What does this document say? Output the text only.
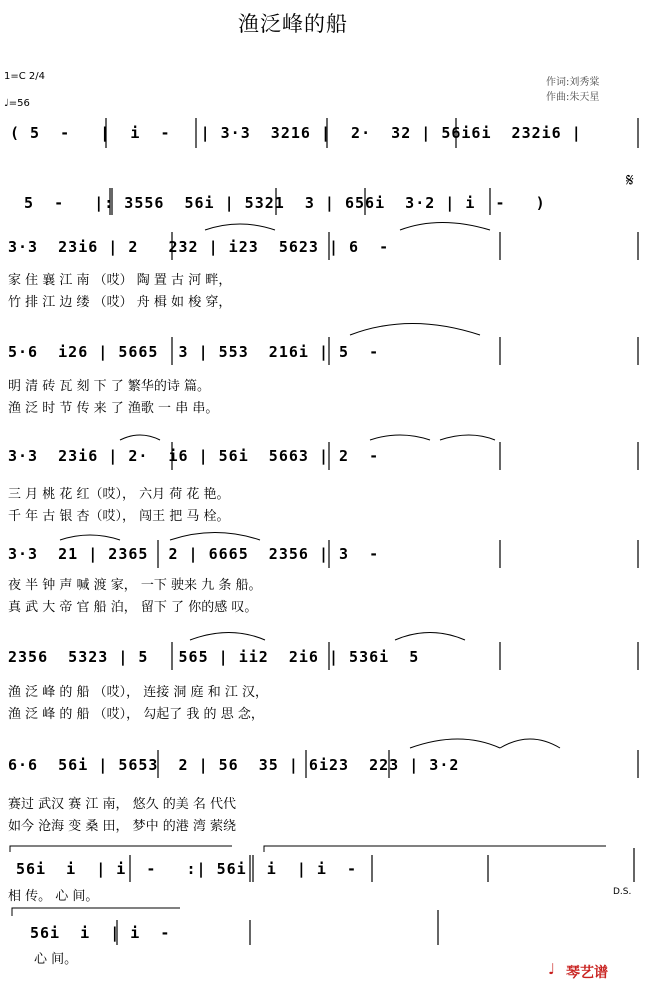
渔泛峰的船
1=C 2/4
♩=56
作词:刘秀棠
作曲:朱天星
( 5  -   |  i  -   | 3·3  3216 |  2·  32 | 56i6i  232i6 |
5  -   |: 3556  56i | 5321  3 | 656i  3·2 | i  -   )
3·3  23i6 | 2   232 | i23  5623 | 6  -
5·6  i26 | 5665  3 | 553  216i | 5  -
3·3  23i6 | 2·  i6 | 56i  5663 | 2  -
3·3  21 | 2365  2 | 6665  2356 | 3  -
2356  5323 | 5   565 | ii2  2i6 | 536i  5
6·6  56i | 5653  2 | 56  35 | 6i23  223 | 3·2
56i  i  | i  -   :| 56i  i  | i  -
56i  i  | i  -
家 住 襄 江 南 （哎） 陶 置 古 河 畔，
竹 排 江 边 缕 （哎） 舟 楫 如 梭 穿，
明 清 砖 瓦 刻 下 了 繁华的诗 篇。
渔 泛 时 节 传 来 了 渔歌 一 串 串。
三 月 桃 花 红（哎）， 六月 荷 花 艳。
千 年 古 银 杏（哎）， 闯王 把 马 栓。
夜 半 钟 声 喊 渡 家， 一下 驶来 九 条 船。
真 武 大 帝 官 船 泊， 留下 了 你的感 叹。
渔 泛 峰 的 船 （哎）， 连接 洞 庭 和 江 汉，
渔 泛 峰 的 船 （哎）， 勾起了 我 的 思 念，
赛过 武汉 赛 江 南， 悠久 的美 名 代代
如今 沧海 变 桑 田， 梦中 的港 湾 萦绕
相 传。 心 间。
心 间。
𝄋
D.S.
♩ 琴艺谱
